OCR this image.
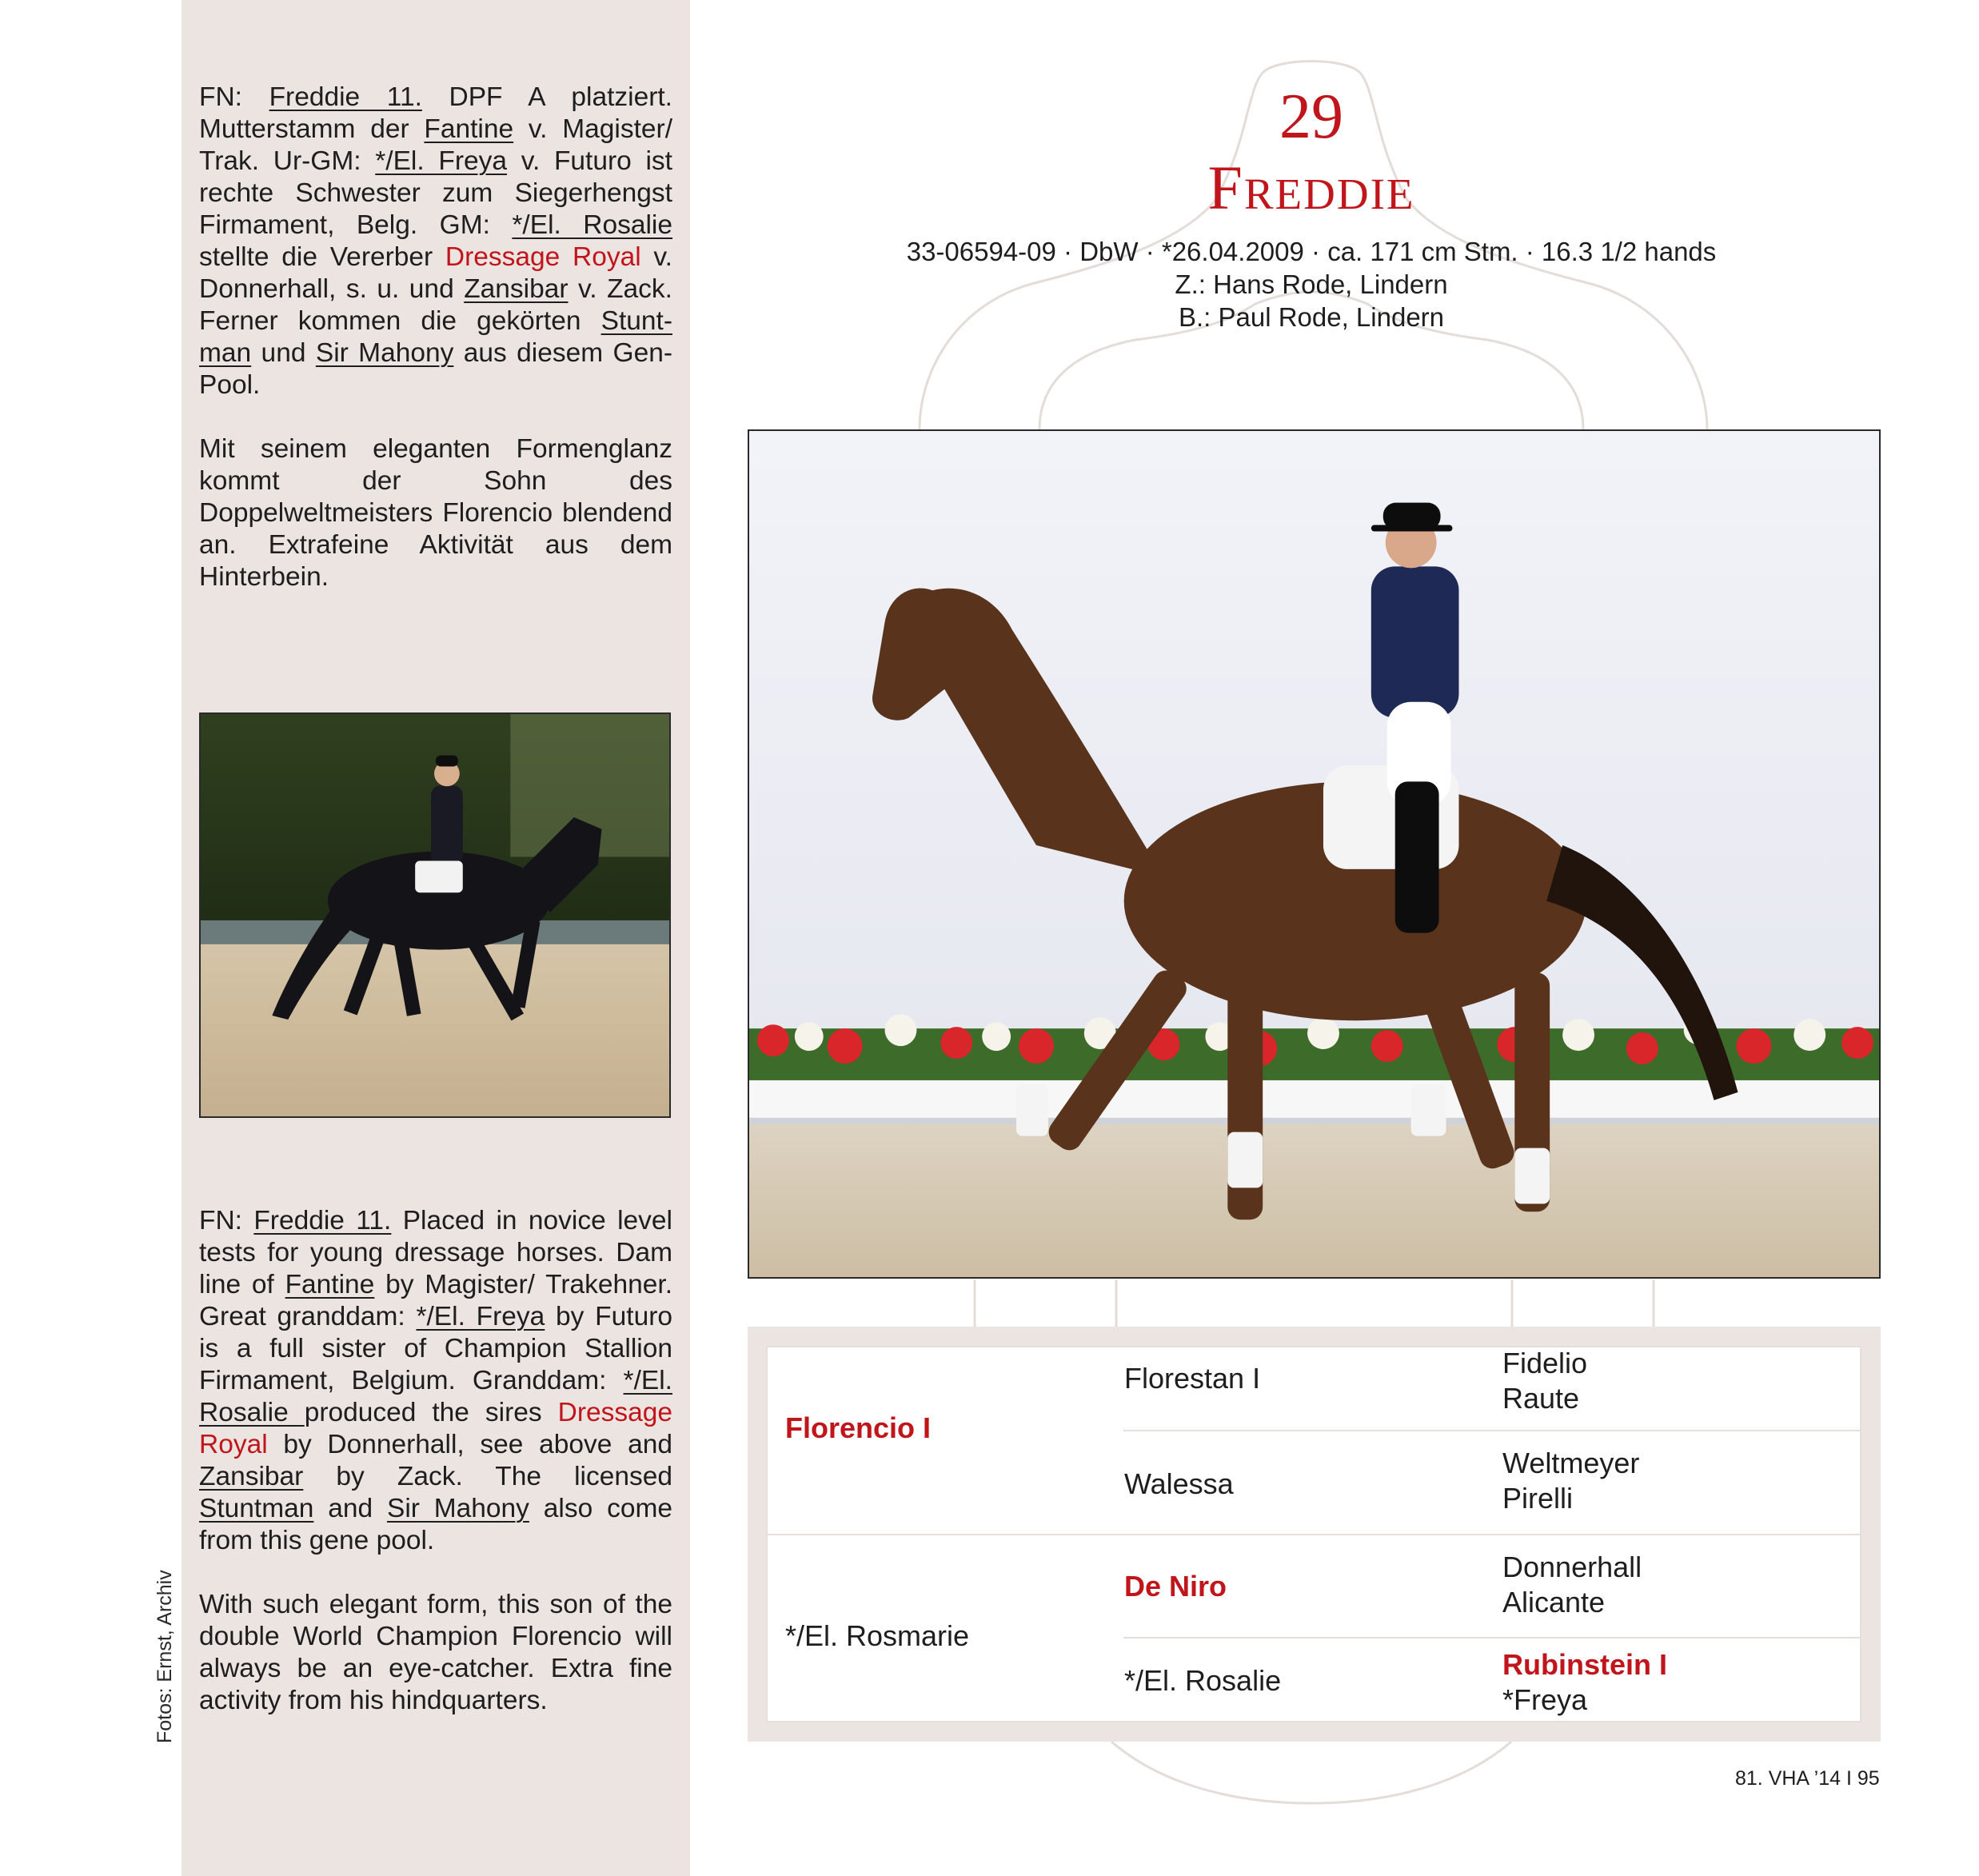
FN: Freddie 11. DPF A platziert. Mutterstamm der Fantine v. Magister/ Trak. Ur-GM: */El. Freya v. Futuro ist rechte Schwester zum Siegerhengst Firmament, Belg. GM: */El. Rosalie stellte die Vererber Dressage Royal v. Donnerhall, s. u. und Zansibar v. Zack. Ferner kommen die gekörten Stunt-man und Sir Mahony aus diesem Gen-Pool.

Mit seinem eleganten Formenglanz kommt der Sohn des Doppelweltmeisters Florencio blendend an. Extrafeine Aktivität aus dem Hinterbein.

FN: Freddie 11. Placed in novice level tests for young dressage horses. Dam line of Fantine by Magister/ Trakehner. Great granddam: */El. Freya by Futuro is a full sister of Champion Stallion Firmament, Belgium. Granddam: */El. Rosalie produced the sires Dressage Royal by Donnerhall, see above and Zansibar by Zack. The licensed Stuntman and Sir Mahony also come from this gene pool.

With such elegant form, this son of the double World Champion Florencio will always be an eye-catcher. Extra fine activity from his hindquarters.

Fotos: Ernst, Archiv
29
Freddie
33-06594-09 · DbW · *26.04.2009 · ca. 171 cm Stm. · 16.3 1/2 hands
Z.: Hans Rode, Lindern
B.: Paul Rode, Lindern
Florencio I
*/El. Rosmarie
Florestan I
Walessa
De Niro
*/El. Rosalie
Fidelio
Raute
Weltmeyer
Pirelli
Donnerhall
Alicante
Rubinstein I
*Freya
81. VHA ’14 I 95
